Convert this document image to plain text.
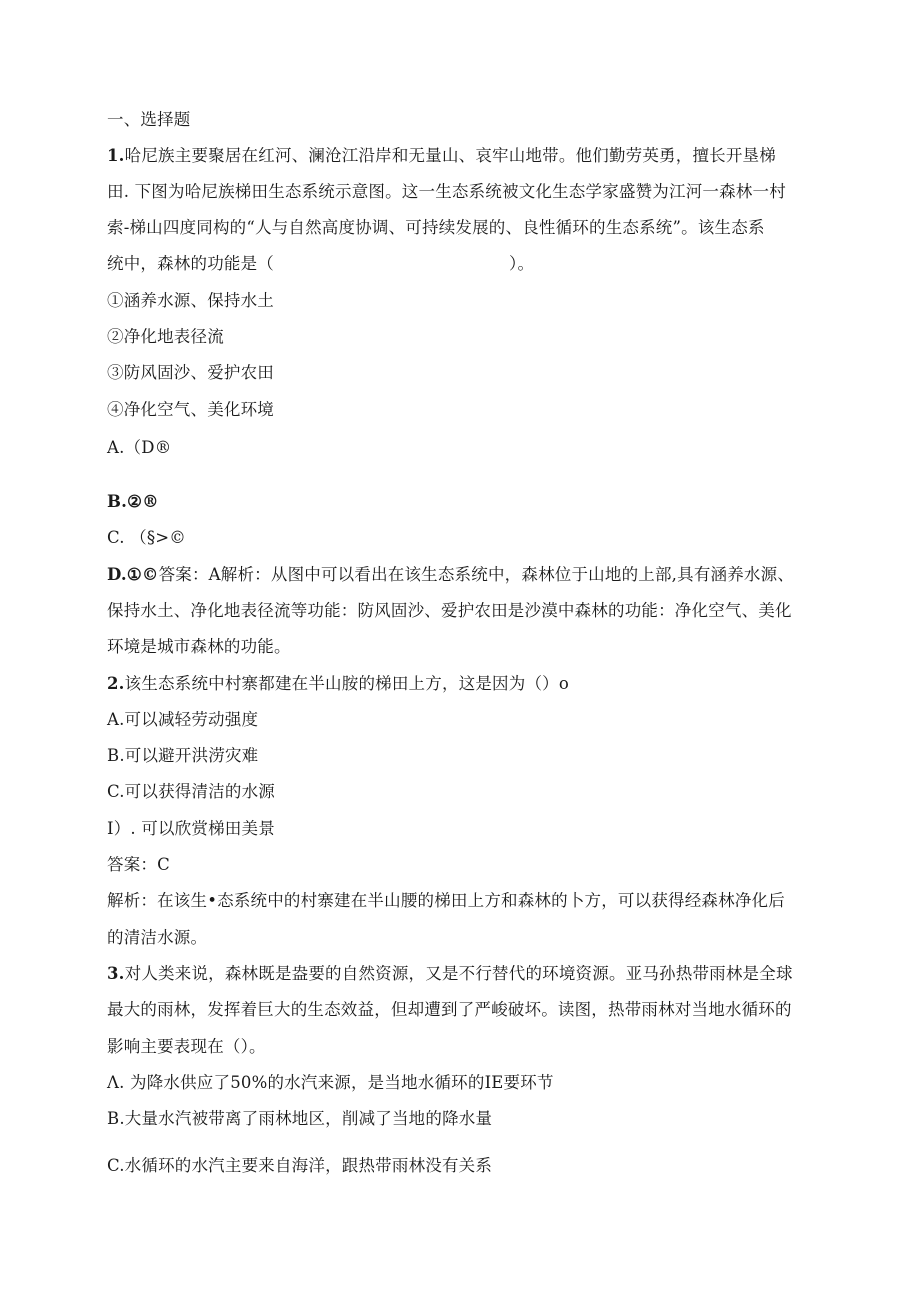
一、选择题
1.哈尼族主要聚居在红河、澜沧江沿岸和无量山、哀牢山地带。他们勤劳英勇，擅长开垦梯
田. 下图为哈尼族梯田生态系统示意图。这一生态系统被文化生态学家盛赞为江河一森林一村
索-梯山四度同构的“人与自然高度协调、可持续发展的、良性循环的生态系统”。该生态系
统中，森林的功能是（	）。
①涵养水源、保持水土
②净化地表径流
③防风固沙、爱护农田
④净化空气、美化环境
A.（D®
B.②®
C. （§>©
D.①©答案：A解析：从图中可以看出在该生态系统中，森林位于山地的上部,具有涵养水源、
保持水土、净化地表径流等功能：防风固沙、爱护农田是沙漠中森林的功能：净化空气、美化
环境是城市森林的功能。
2.该生态系统中村寨都建在半山胺的梯田上方，这是因为（）o
A.可以减轻劳动强度
B.可以避开洪涝灾难
C.可以获得清洁的水源
I）. 可以欣赏梯田美景
答案：C
解析：在该生•态系统中的村寨建在半山腰的梯田上方和森林的卜方，可以获得经森林净化后
的清洁水源。
3.对人类来说，森林既是盎要的自然资源，又是不行替代的环境资源。亚马孙热带雨林是全球
最大的雨林，发挥着巨大的生态效益，但却遭到了严峻破坏。读图，热带雨林对当地水循环的
影响主要表现在（）。
Λ. 为降水供应了50%的水汽来源，是当地水循环的IE要环节
B.大量水汽被带离了雨林地区，削减了当地的降水量
C.水循环的水汽主要来自海洋，跟热带雨林没有关系
